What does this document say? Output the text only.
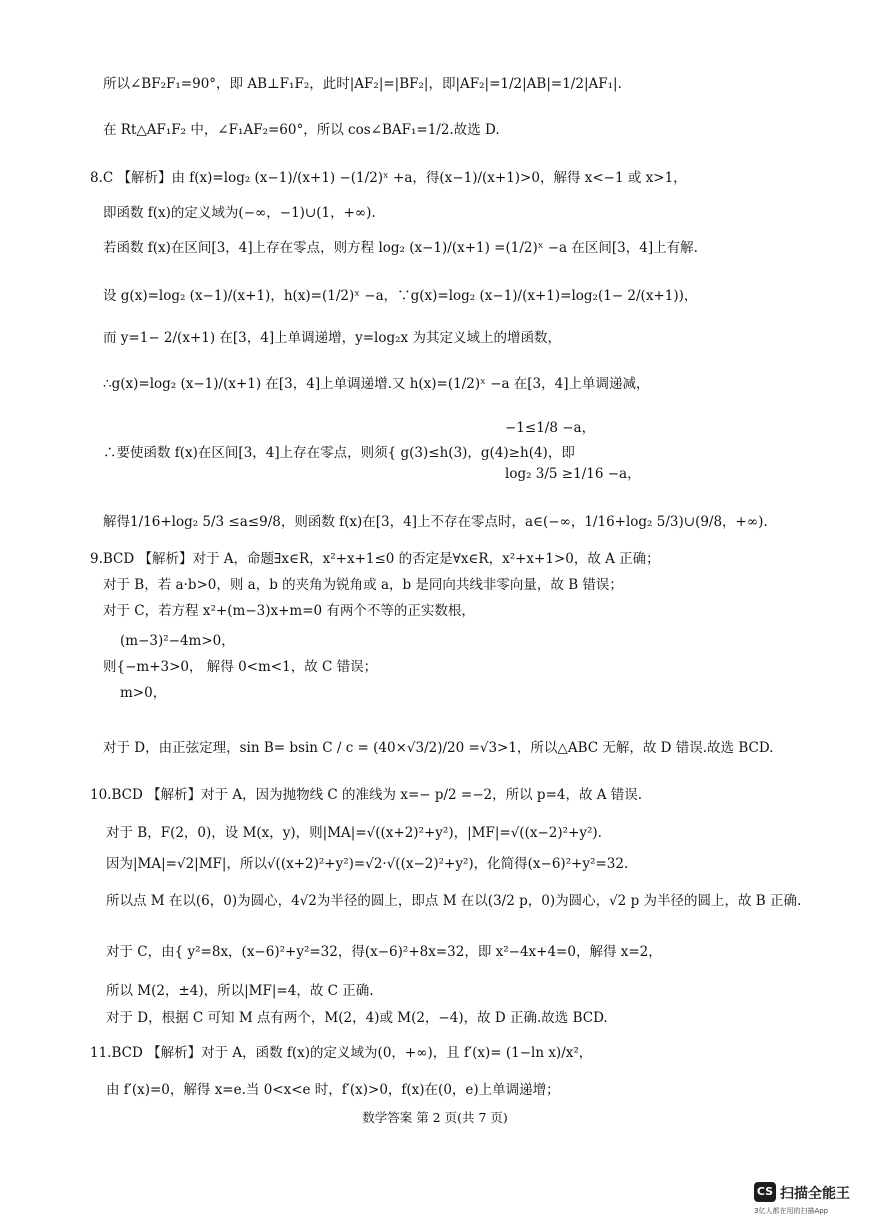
所以∠BF₂F₁=90°，即 AB⊥F₁F₂，此时|AF₂|=|BF₂|，即|AF₂|=1/2|AB|=1/2|AF₁|.
在 Rt△AF₁F₂ 中，∠F₁AF₂=60°，所以 cos∠BAF₁=1/2.故选 D.
8.C 【解析】由 f(x)=log₂ (x−1)/(x+1) −(1/2)ˣ +a，得(x−1)/(x+1)>0，解得 x<−1 或 x>1，
即函数 f(x)的定义域为(−∞，−1)∪(1，+∞).
若函数 f(x)在区间[3，4]上存在零点，则方程 log₂ (x−1)/(x+1) =(1/2)ˣ −a 在区间[3，4]上有解.
设 g(x)=log₂ (x−1)/(x+1)，h(x)=(1/2)ˣ −a，∵g(x)=log₂ (x−1)/(x+1)=log₂(1− 2/(x+1))，
而 y=1− 2/(x+1) 在[3，4]上单调递增，y=log₂x 为其定义域上的增函数，
∴g(x)=log₂ (x−1)/(x+1) 在[3，4]上单调递增.又 h(x)=(1/2)ˣ −a 在[3，4]上单调递减，
∴要使函数 f(x)在区间[3，4]上存在零点，则须{ g(3)≤h(3)，g(4)≥h(4)，即
−1≤1/8 −a，
log₂ 3/5 ≥1/16 −a，
解得1/16+log₂ 5/3 ≤a≤9/8，则函数 f(x)在[3，4]上不存在零点时，a∈(−∞，1/16+log₂ 5/3)∪(9/8，+∞).
9.BCD 【解析】对于 A，命题∃x∈R，x²+x+1≤0 的否定是∀x∈R，x²+x+1>0，故 A 正确；
对于 B，若 a·b>0，则 a，b 的夹角为锐角或 a，b 是同向共线非零向量，故 B 错误；
对于 C，若方程 x²+(m−3)x+m=0 有两个不等的正实数根，
(m−3)²−4m>0，
则{−m+3>0， 解得 0<m<1，故 C 错误；
m>0，
对于 D，由正弦定理，sin B= bsin C / c = (40×√3/2)/20 =√3>1，所以△ABC 无解，故 D 错误.故选 BCD.
10.BCD 【解析】对于 A，因为抛物线 C 的准线为 x=− p/2 =−2，所以 p=4，故 A 错误.
对于 B，F(2，0)，设 M(x，y)，则|MA|=√((x+2)²+y²)，|MF|=√((x−2)²+y²).
因为|MA|=√2|MF|，所以√((x+2)²+y²)=√2·√((x−2)²+y²)，化简得(x−6)²+y²=32.
所以点 M 在以(6，0)为圆心，4√2为半径的圆上，即点 M 在以(3/2 p，0)为圆心，√2 p 为半径的圆上，故 B 正确.
对于 C，由{ y²=8x，(x−6)²+y²=32，得(x−6)²+8x=32，即 x²−4x+4=0，解得 x=2，
所以 M(2，±4)，所以|MF|=4，故 C 正确.
对于 D，根据 C 可知 M 点有两个，M(2，4)或 M(2，−4)，故 D 正确.故选 BCD.
11.BCD 【解析】对于 A，函数 f(x)的定义域为(0，+∞)，且 f′(x)= (1−ln x)/x²，
由 f′(x)=0，解得 x=e.当 0<x<e 时，f′(x)>0，f(x)在(0，e)上单调递增；
数学答案 第 2 页(共 7 页)
CS 扫描全能王
3亿人都在用的扫描App
